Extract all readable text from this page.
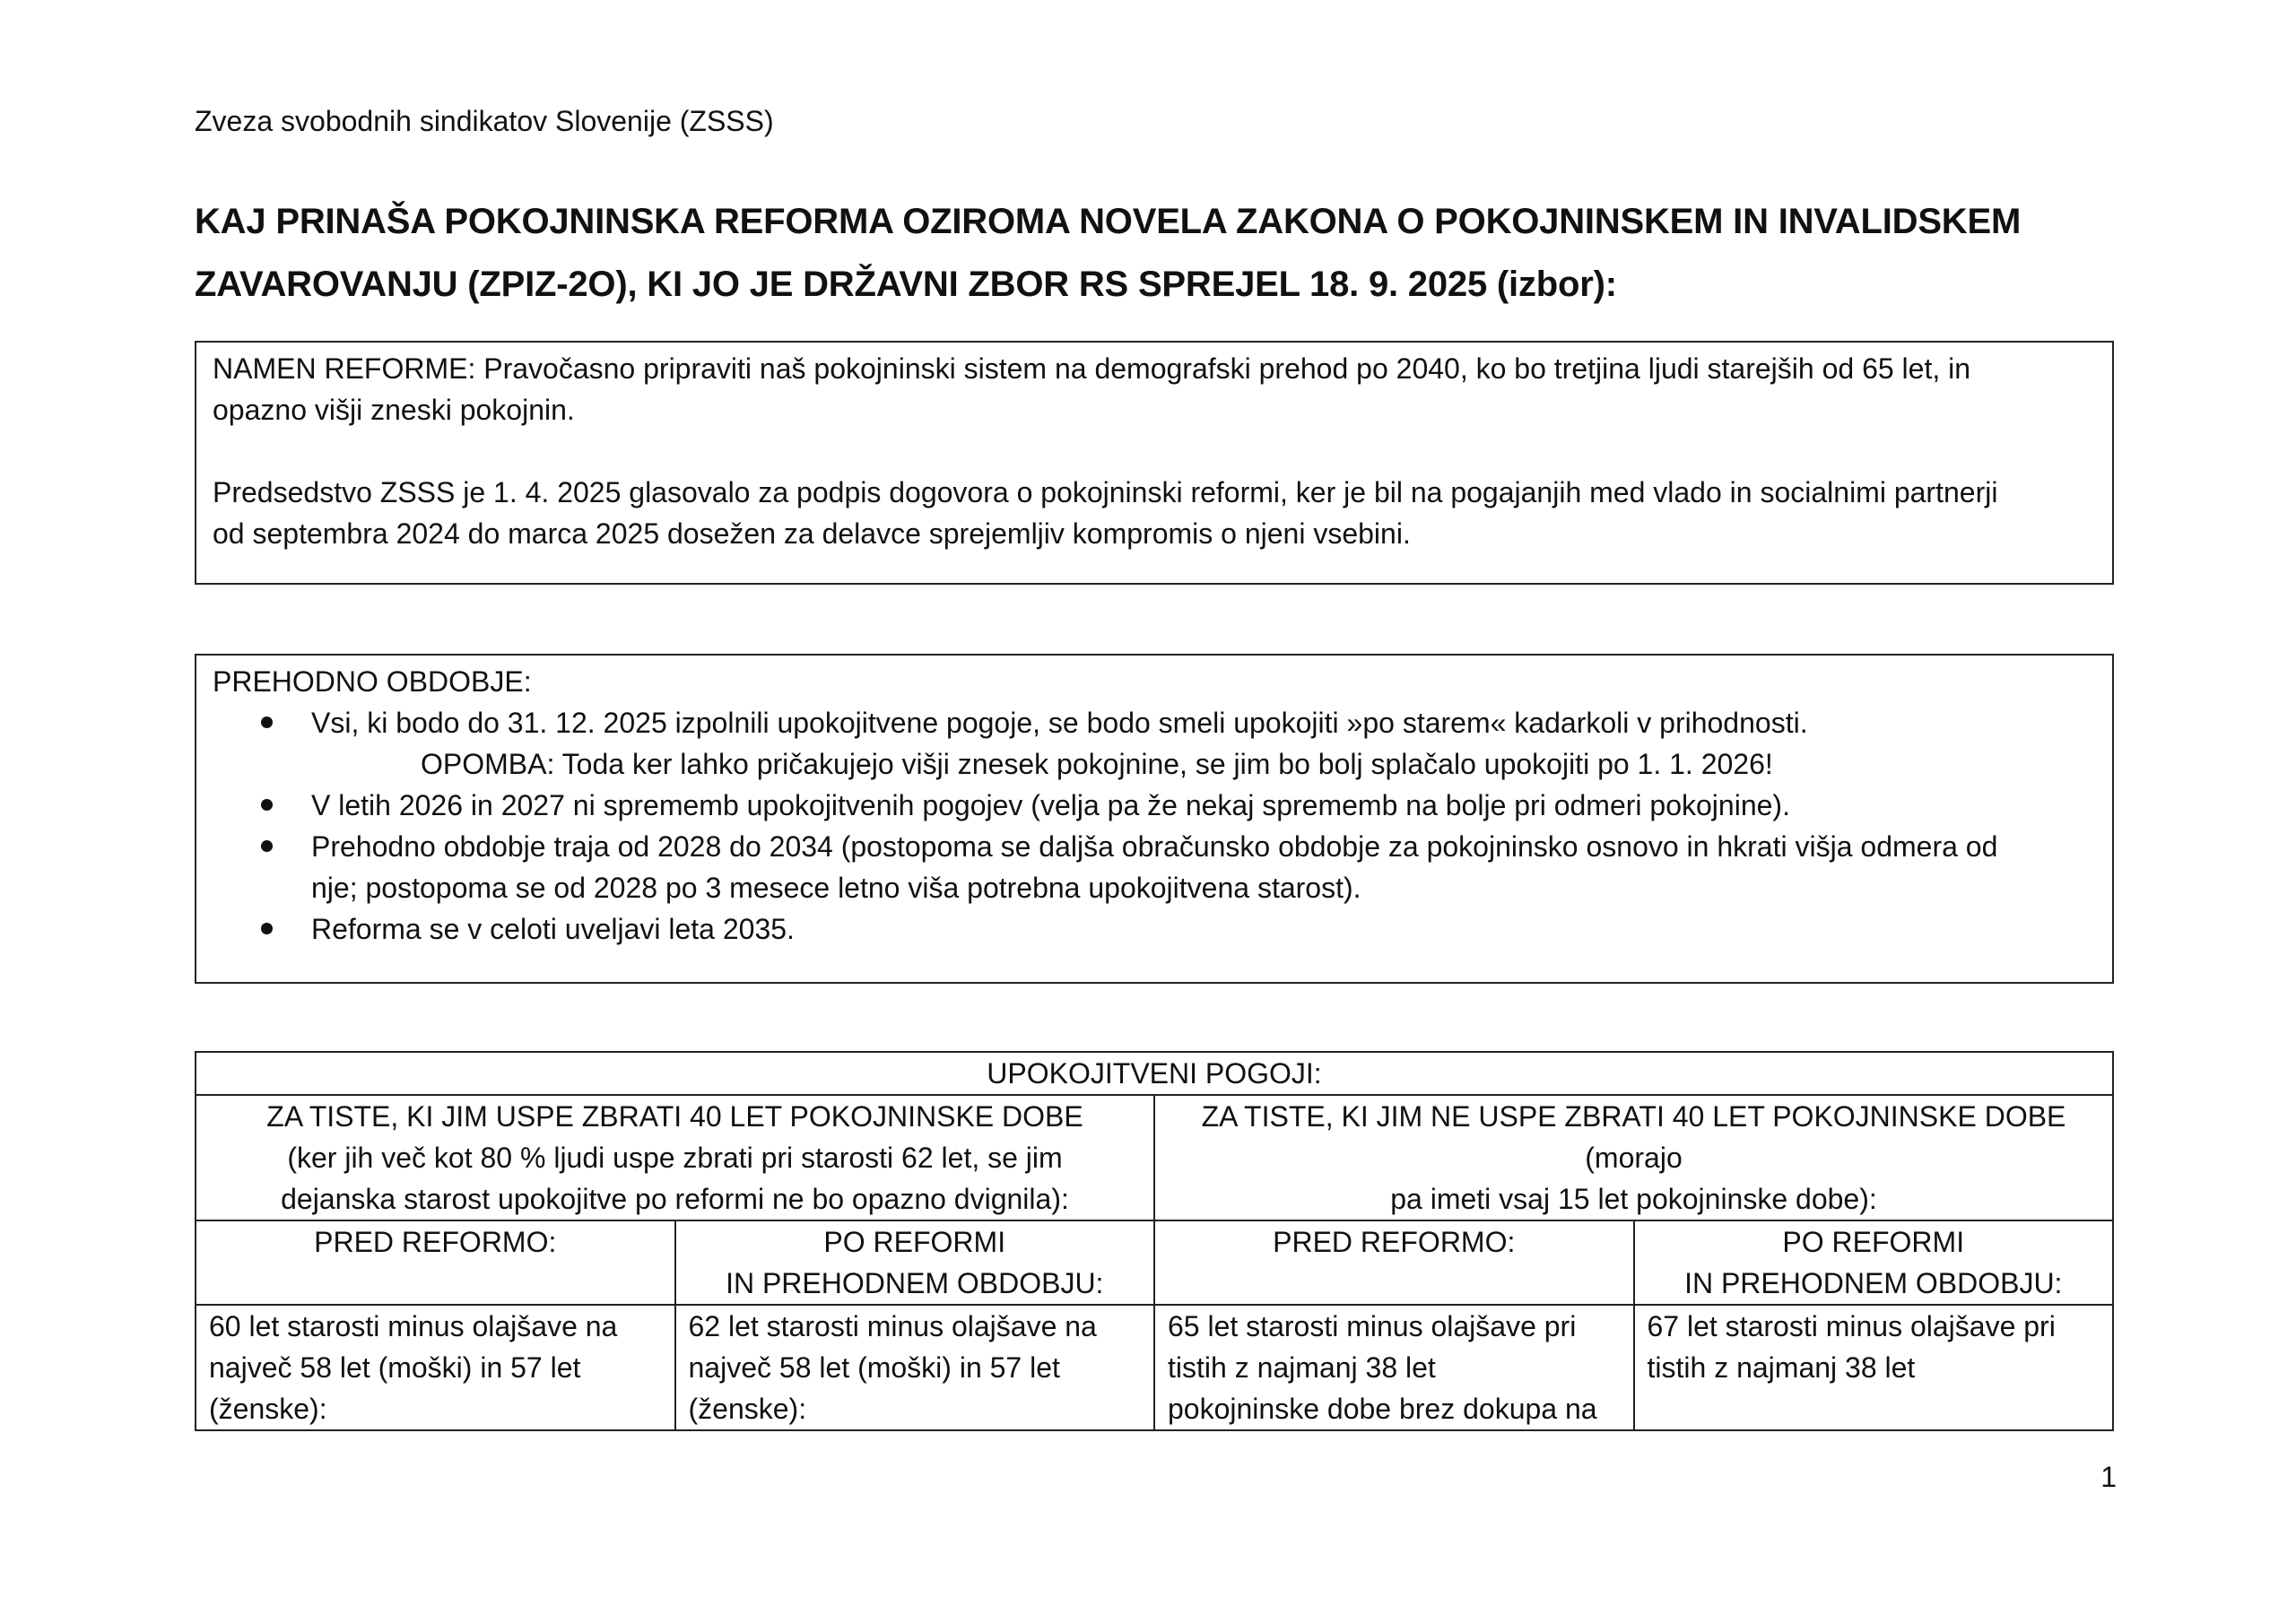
Zveza svobodnih sindikatov Slovenije (ZSSS)
KAJ PRINAŠA POKOJNINSKA REFORMA OZIROMA NOVELA ZAKONA O POKOJNINSKEM IN INVALIDSKEM
ZAVAROVANJU (ZPIZ-2O), KI JO JE DRŽAVNI ZBOR RS SPREJEL 18. 9. 2025 (izbor):

NAMEN REFORME: Pravočasno pripraviti naš pokojninski sistem na demografski prehod po 2040, ko bo tretjina ljudi starejših od 65 let, in

opazno višji zneski pokojnin.

Predsedstvo ZSSS je 1. 4. 2025 glasovalo za podpis dogovora o pokojninski reformi, ker je bil na pogajanjih med vlado in socialnimi partnerji

od septembra 2024 do marca 2025 dosežen za delavce sprejemljiv kompromis o njeni vsebini.

PREHODNO OBDOBJE:

Vsi, ki bodo do 31. 12. 2025 izpolnili upokojitvene pogoje, se bodo smeli upokojiti »po starem« kadarkoli v prihodnosti.
OPOMBA: Toda ker lahko pričakujejo višji znesek pokojnine, se jim bo bolj splačalo upokojiti po 1. 1. 2026!
V letih 2026 in 2027 ni sprememb upokojitvenih pogojev (velja pa že nekaj sprememb na bolje pri odmeri pokojnine).
Prehodno obdobje traja od 2028 do 2034 (postopoma se daljša obračunsko obdobje za pokojninsko osnovo in hkrati višja odmera od
nje; postopoma se od 2028 po 3 mesece letno viša potrebna upokojitvena starost).
Reforma se v celoti uveljavi leta 2035.
UPOKOJITVENI POGOJI:			
ZA TISTE, KI JIM USPE ZBRATI 40 LET POKOJNINSKE DOBE
(ker jih več kot 80 % ljudi uspe zbrati pri starosti 62 let, se jim
dejanska starost upokojitve po reformi ne bo opazno dvignila):		ZA TISTE, KI JIM NE USPE ZBRATI 40 LET POKOJNINSKE DOBE (morajo
pa imeti vsaj 15 let pokojninske dobe):	
PRED REFORMO:	PO REFORMI
IN PREHODNEM OBDOBJU:	PRED REFORMO:	PO REFORMI
IN PREHODNEM OBDOBJU:
60 let starosti minus olajšave na
največ 58 let (moški) in 57 let
(ženske):	62 let starosti minus olajšave na
največ 58 let (moški) in 57 let
(ženske):	65 let starosti minus olajšave pri
tistih z najmanj 38 let
pokojninske dobe brez dokupa na	67 let starosti minus olajšave pri
tistih z najmanj 38 let
1
